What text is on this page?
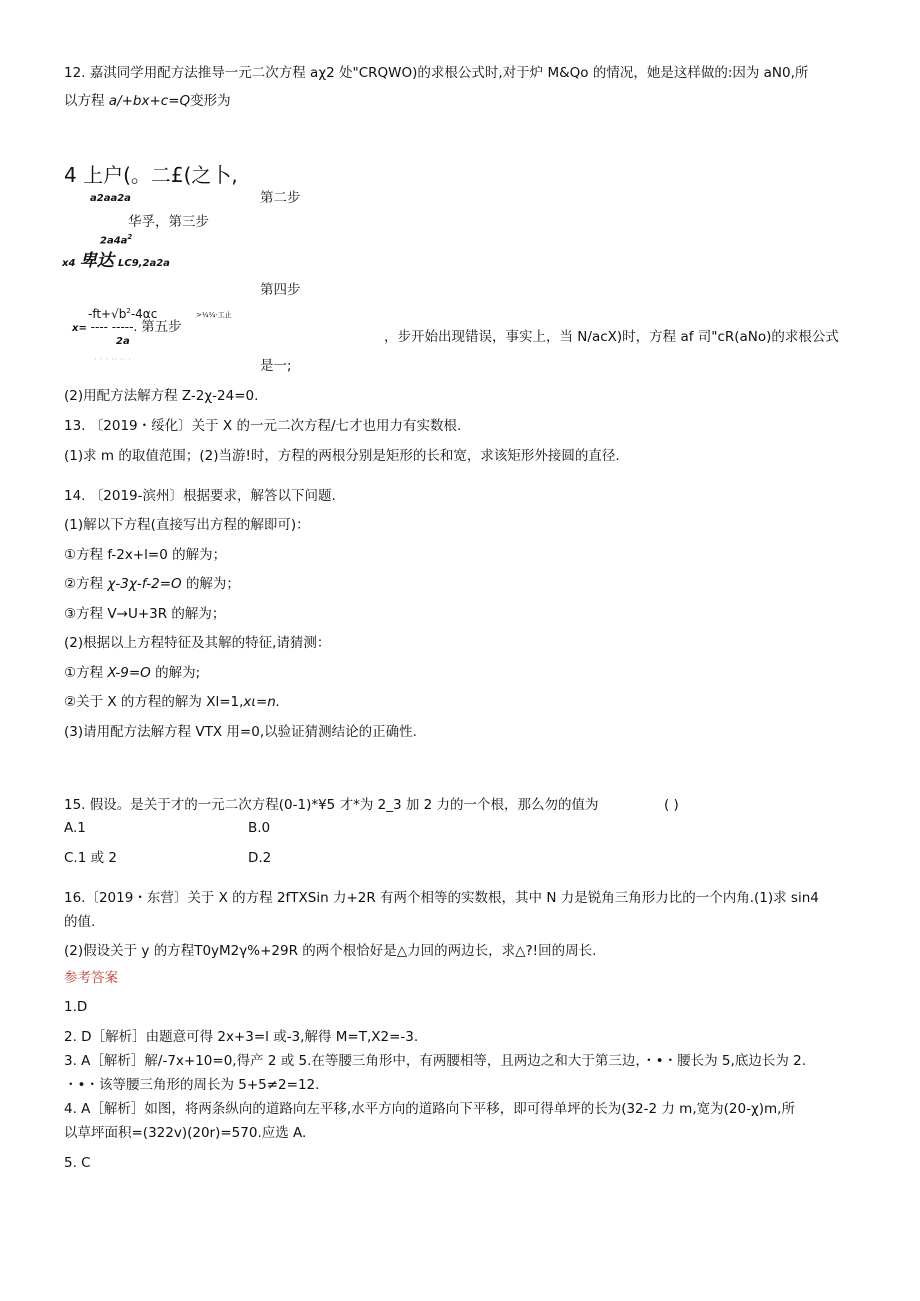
12. 嘉淇同学用配方法推导一元二次方程 aχ2 处"CRQWO)的求根公式时,对于炉 M&Qo 的情况，她是这样做的:因为 aN0,所
以方程 a∕+bx+c=Q变形为
4 上户(。二£(之卜,
a2aa2a	第二步
华孚，第三步
$2a4a^2$
x4 卑达 LC9,2a2a
第四步
$-ft+√b^2-4\alpha c$	>¼¼·工止
x= ---- -----. 第五步
2a	，步开始出现错误，事实上，当 N/acX)时，方程 af 司"cR(aNo)的求根公式
· · · ·· ·· ·	是一;
(2)用配方法解方程 Z-2χ-24=0.
13. 〔2019・绥化〕关于 X 的一元二次方程/七才也用力有实数根.
(1)求 m 的取值范围；(2)当游!时，方程的两根分别是矩形的长和宽，求该矩形外接圆的直径.
14. 〔2019-滨州〕根据要求，解答以下问题.
(1)解以下方程(直接写出方程的解即可)：
①方程 f-2x+l=0 的解为；
②方程 χ-3χ-f-2=O 的解为；
③方程 V→U+3R 的解为；
(2)根据以上方程特征及其解的特征,请猜测：
①方程 X-9=O 的解为;
②关于 X 的方程的解为 Xl=1,xι=n.
(3)请用配方法解方程 VTX 用=0,以验证猜测结论的正确性.
15. 假设。是关于才的一元二次方程(0-1)*¥5 才*为 2_3 加 2 力的一个根，那么勿的值为	( )
A.1	B.0
C.1 或 2	D.2
16.〔2019・东营〕关于 X 的方程 2fTXSin 力+2R 有两个相等的实数根，其中 N 力是锐角三角形力比的一个内角.(1)求 sin4
的值.
(2)假设关于 y 的方程T0yM2γ%+29R 的两个根恰好是△力回的两边长，求△?!回的周长.
参考答案
1.D
2. D［解析］由题意可得 2x+3=l 或-3,解得 M=T,X2=-3.
3. A［解析］解/-7x+10=0,得产 2 或 5.在等腰三角形中，有两腰相等，且两边之和大于第三边，・•・腰长为 5,底边长为 2.
・•・该等腰三角形的周长为 5+5≠2=12.
4. A［解析］如图，将两条纵向的道路向左平移,水平方向的道路向下平移，即可得单坪的长为(32-2 力 m,宽为(20-χ)m,所
以草坪面积=(322v)(20r)=570.应选 A.
5. C
